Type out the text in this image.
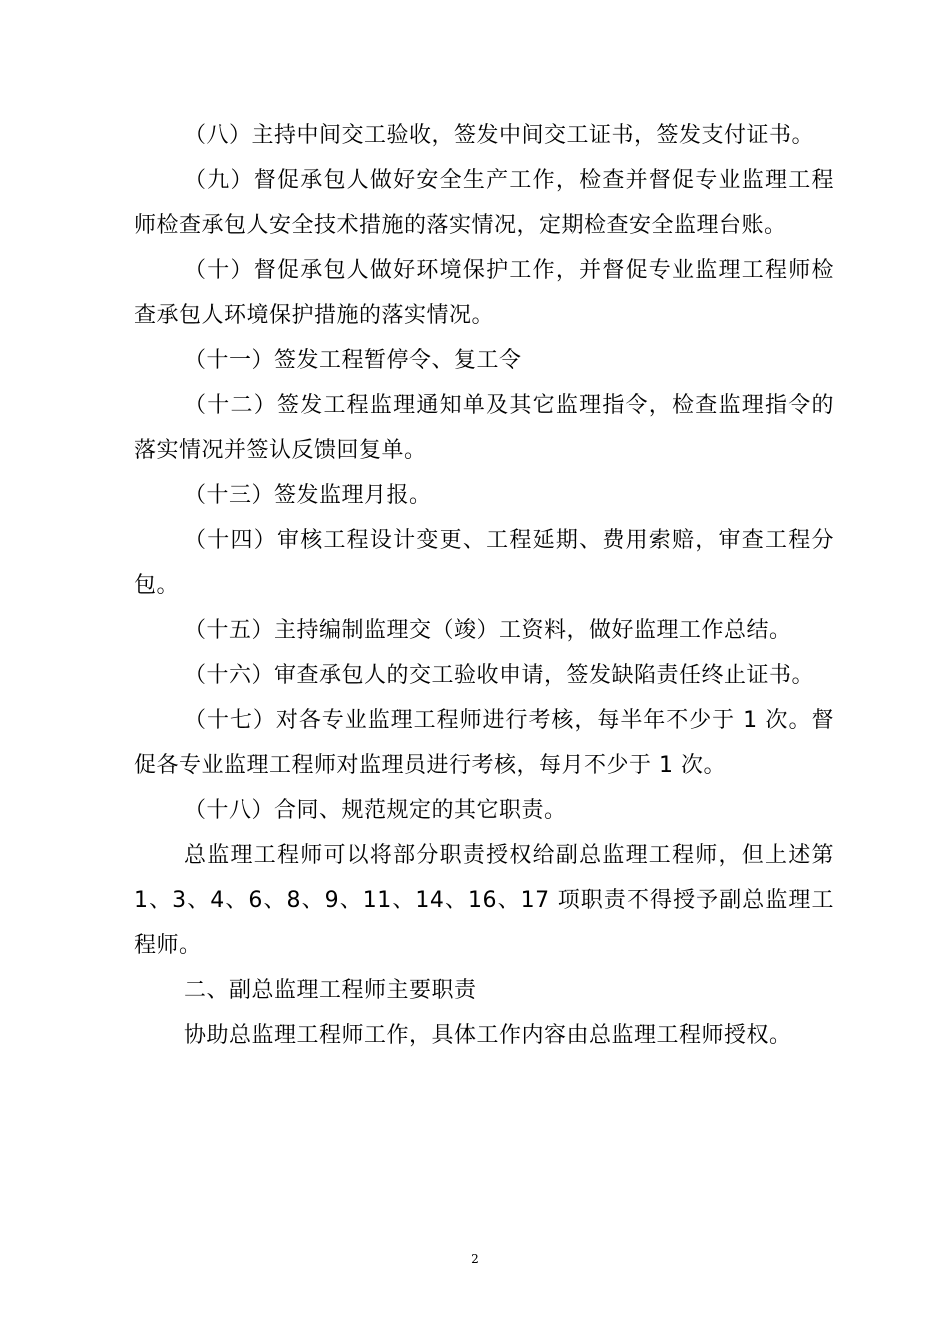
（八）主持中间交工验收，签发中间交工证书，签发支付证书。

（九）督促承包人做好安全生产工作，检查并督促专业监理工程师检查承包人安全技术措施的落实情况，定期检查安全监理台账。

（十）督促承包人做好环境保护工作，并督促专业监理工程师检查承包人环境保护措施的落实情况。

（十一）签发工程暂停令、复工令

（十二）签发工程监理通知单及其它监理指令，检查监理指令的落实情况并签认反馈回复单。

（十三）签发监理月报。

（十四）审核工程设计变更、工程延期、费用索赔，审查工程分包。

（十五）主持编制监理交（竣）工资料，做好监理工作总结。

（十六）审查承包人的交工验收申请，签发缺陷责任终止证书。

（十七）对各专业监理工程师进行考核，每半年不少于 1 次。督促各专业监理工程师对监理员进行考核，每月不少于 1 次。

（十八）合同、规范规定的其它职责。

总监理工程师可以将部分职责授权给副总监理工程师，但上述第 1、3、4、6、8、9、11、14、16、17 项职责不得授予副总监理工程师。

二、副总监理工程师主要职责

协助总监理工程师工作，具体工作内容由总监理工程师授权。

2
